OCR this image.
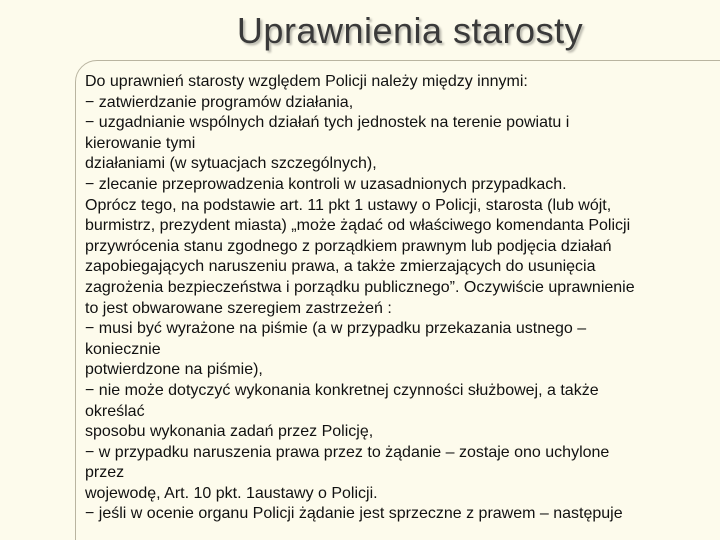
Uprawnienia starosty
Do uprawnień starosty względem Policji należy między innymi:
− zatwierdzanie programów działania,
− uzgadnianie wspólnych działań tych jednostek na terenie powiatu i
kierowanie tymi
działaniami (w sytuacjach szczególnych),
− zlecanie przeprowadzenia kontroli w uzasadnionych przypadkach.
Oprócz tego, na podstawie art. 11 pkt 1 ustawy o Policji, starosta (lub wójt,
burmistrz, prezydent miasta) „może żądać od właściwego komendanta Policji
przywrócenia stanu zgodnego z porządkiem prawnym lub podjęcia działań
zapobiegających naruszeniu prawa, a także zmierzających do usunięcia
zagrożenia bezpieczeństwa i porządku publicznego”. Oczywiście uprawnienie
to jest obwarowane szeregiem zastrzeżeń :
− musi być wyrażone na piśmie (a w przypadku przekazania ustnego –
koniecznie
potwierdzone na piśmie),
− nie może dotyczyć wykonania konkretnej czynności służbowej, a także
określać
sposobu wykonania zadań przez Policję,
− w przypadku naruszenia prawa przez to żądanie – zostaje ono uchylone
przez
wojewodę, Art. 10 pkt. 1austawy o Policji.
− jeśli w ocenie organu Policji żądanie jest sprzeczne z prawem – następuje
